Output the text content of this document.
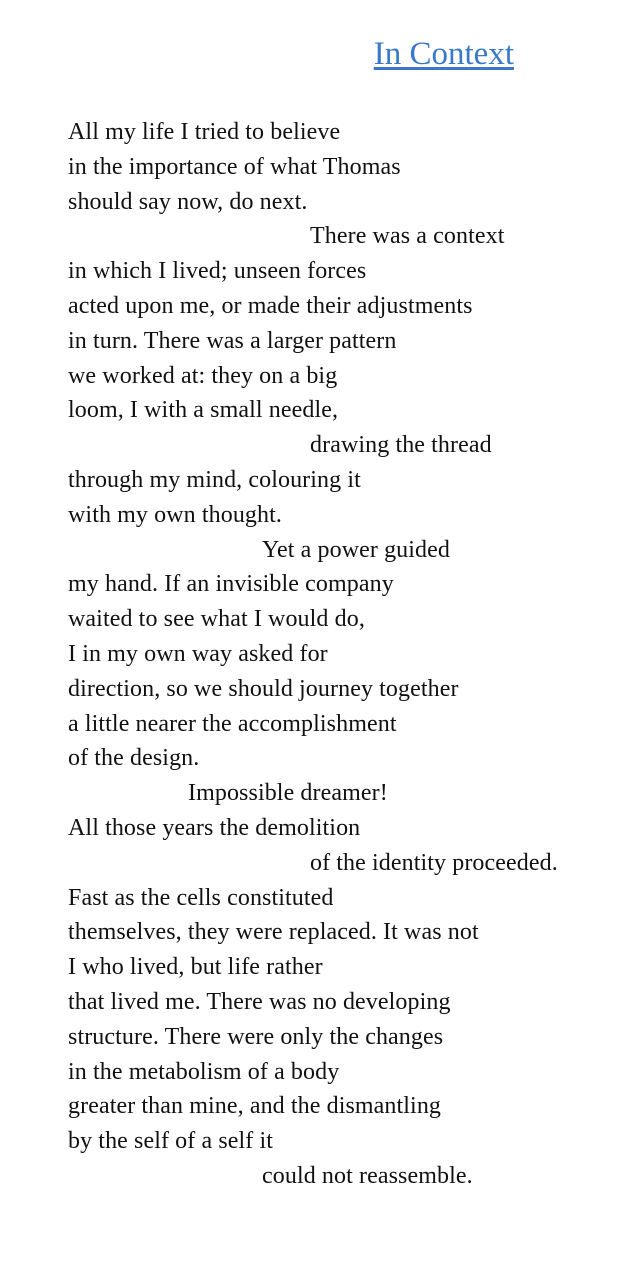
In Context
All my life I tried to believe
in the importance of what Thomas
should say now, do next.
There was a context
in which I lived; unseen forces
acted upon me, or made their adjustments
in turn. There was a larger pattern
we worked at: they on a big
loom, I with a small needle,
drawing the thread
through my mind, colouring it
with my own thought.
Yet a power guided
my hand. If an invisible company
waited to see what I would do,
I in my own way asked for
direction, so we should journey together
a little nearer the accomplishment
of the design.
Impossible dreamer!
All those years the demolition
of the identity proceeded.
Fast as the cells constituted
themselves, they were replaced. It was not
I who lived, but life rather
that lived me. There was no developing
structure. There were only the changes
in the metabolism of a body
greater than mine, and the dismantling
by the self of a self it
could not reassemble.
